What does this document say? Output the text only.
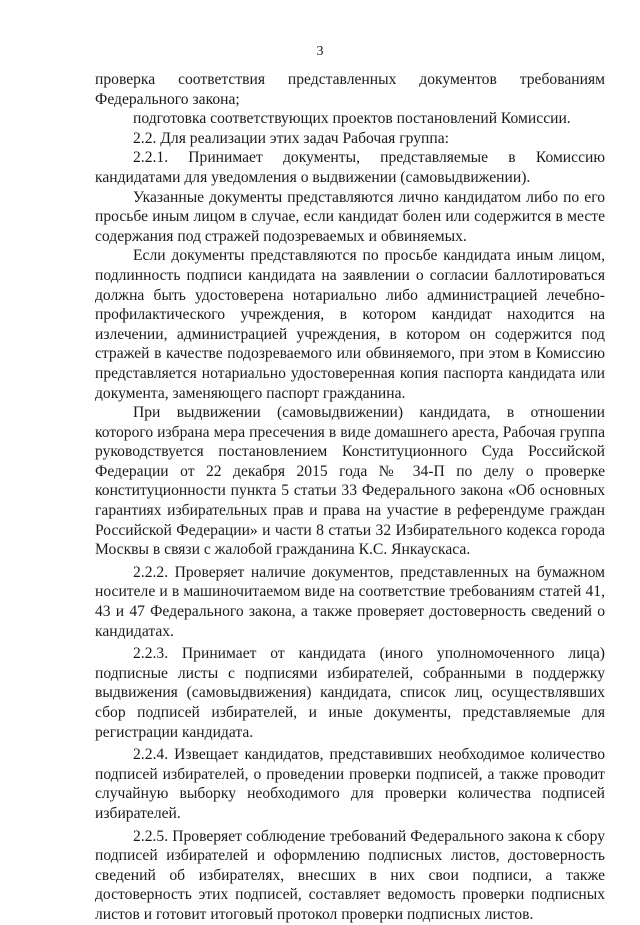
3

проверка соответствия представленных документов требованиям Федерального закона;

подготовка соответствующих проектов постановлений Комиссии.

2.2. Для реализации этих задач Рабочая группа:

2.2.1. Принимает документы, представляемые в Комиссию кандидатами для уведомления о выдвижении (самовыдвижении).

Указанные документы представляются лично кандидатом либо по его просьбе иным лицом в случае, если кандидат болен или содержится в месте содержания под стражей подозреваемых и обвиняемых.

Если документы представляются по просьбе кандидата иным лицом, подлинность подписи кандидата на заявлении о согласии баллотироваться должна быть удостоверена нотариально либо администрацией лечебно-профилактического учреждения, в котором кандидат находится на излечении, администрацией учреждения, в котором он содержится под стражей в качестве подозреваемого или обвиняемого, при этом в Комиссию представляется нотариально удостоверенная копия паспорта кандидата или документа, заменяющего паспорт гражданина.

При выдвижении (самовыдвижении) кандидата, в отношении которого избрана мера пресечения в виде домашнего ареста, Рабочая группа руководствуется постановлением Конституционного Суда Российской Федерации от 22 декабря 2015 года № 34-П по делу о проверке конституционности пункта 5 статьи 33 Федерального закона «Об основных гарантиях избирательных прав и права на участие в референдуме граждан Российской Федерации» и части 8 статьи 32 Избирательного кодекса города Москвы в связи с жалобой гражданина К.С. Янкаускаса.

2.2.2. Проверяет наличие документов, представленных на бумажном носителе и в машиночитаемом виде на соответствие требованиям статей 41, 43 и 47 Федерального закона, а также проверяет достоверность сведений о кандидатах.

2.2.3. Принимает от кандидата (иного уполномоченного лица) подписные листы с подписями избирателей, собранными в поддержку выдвижения (самовыдвижения) кандидата, список лиц, осуществлявших сбор подписей избирателей, и иные документы, представляемые для регистрации кандидата.

2.2.4. Извещает кандидатов, представивших необходимое количество подписей избирателей, о проведении проверки подписей, а также проводит случайную выборку необходимого для проверки количества подписей избирателей.

2.2.5. Проверяет соблюдение требований Федерального закона к сбору подписей избирателей и оформлению подписных листов, достоверность сведений об избирателях, внесших в них свои подписи, а также достоверность этих подписей, составляет ведомость проверки подписных листов и готовит итоговый протокол проверки подписных листов.
